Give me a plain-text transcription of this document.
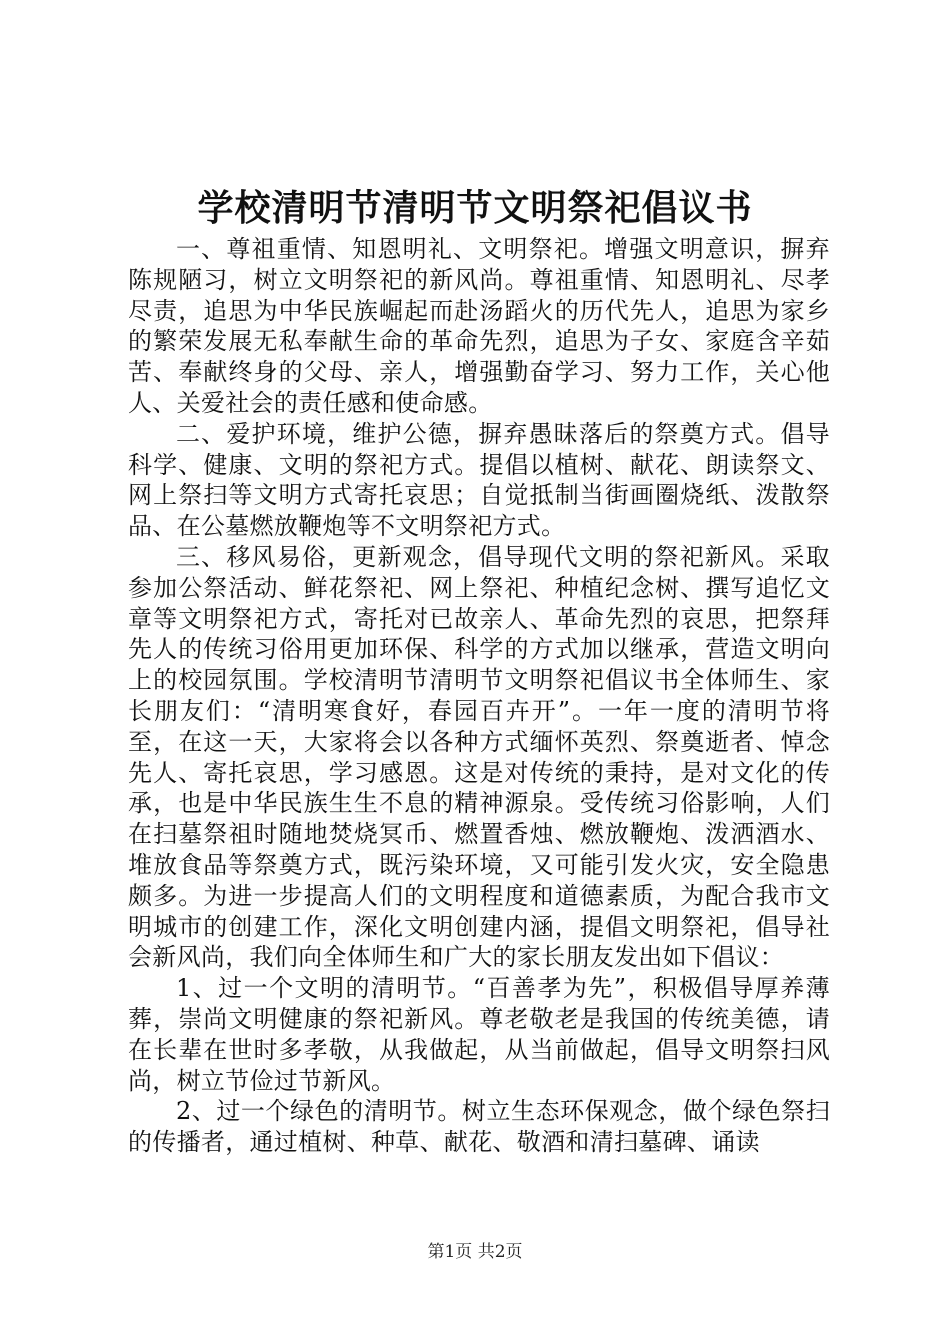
学校清明节清明节文明祭祀倡议书

一、尊祖重情、知恩明礼、文明祭祀。增强文明意识，摒弃陈规陋习，树立文明祭祀的新风尚。尊祖重情、知恩明礼、尽孝尽责，追思为中华民族崛起而赴汤蹈火的历代先人，追思为家乡的繁荣发展无私奉献生命的革命先烈，追思为子女、家庭含辛茹苦、奉献终身的父母、亲人，增强勤奋学习、努力工作，关心他人、关爱社会的责任感和使命感。

二、爱护环境，维护公德，摒弃愚昧落后的祭奠方式。倡导科学、健康、文明的祭祀方式。提倡以植树、献花、朗读祭文、网上祭扫等文明方式寄托哀思；自觉抵制当街画圈烧纸、泼散祭品、在公墓燃放鞭炮等不文明祭祀方式。

三、移风易俗，更新观念，倡导现代文明的祭祀新风。采取参加公祭活动、鲜花祭祀、网上祭祀、种植纪念树、撰写追忆文章等文明祭祀方式，寄托对已故亲人、革命先烈的哀思，把祭拜先人的传统习俗用更加环保、科学的方式加以继承，营造文明向上的校园氛围。学校清明节清明节文明祭祀倡议书全体师生、家长朋友们：“清明寒食好，春园百卉开”。一年一度的清明节将至，在这一天，大家将会以各种方式缅怀英烈、祭奠逝者、悼念先人、寄托哀思，学习感恩。这是对传统的秉持，是对文化的传承，也是中华民族生生不息的精神源泉。受传统习俗影响，人们在扫墓祭祖时随地焚烧冥币、燃置香烛、燃放鞭炮、泼洒酒水、堆放食品等祭奠方式，既污染环境，又可能引发火灾，安全隐患颇多。为进一步提高人们的文明程度和道德素质，为配合我市文明城市的创建工作，深化文明创建内涵，提倡文明祭祀，倡导社会新风尚，我们向全体师生和广大的家长朋友发出如下倡议：

1、过一个文明的清明节。“百善孝为先”，积极倡导厚养薄葬，崇尚文明健康的祭祀新风。尊老敬老是我国的传统美德，请在长辈在世时多孝敬，从我做起，从当前做起，倡导文明祭扫风尚，树立节俭过节新风。

2、过一个绿色的清明节。树立生态环保观念，做个绿色祭扫的传播者，通过植树、种草、献花、敬酒和清扫墓碑、诵读

第1页 共2页
